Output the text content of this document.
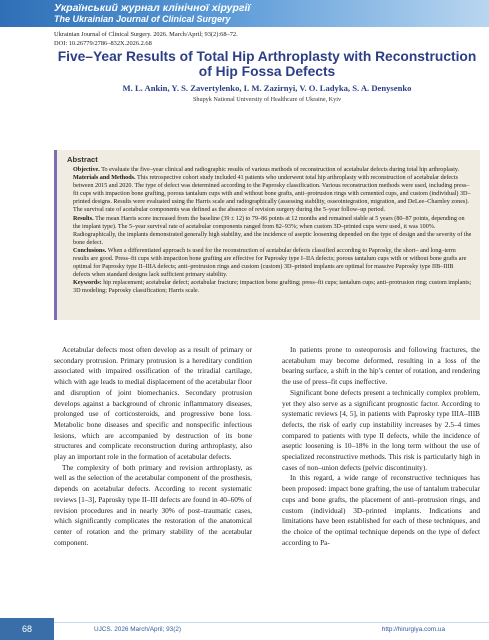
Український журнал клінічної хірургії
The Ukrainian Journal of Clinical Surgery
Ukrainian Journal of Clinical Surgery. 2026. March/April; 93(2):68–72.
DOI: 10.26779/2786–832X.2026.2.68
Five–Year Results of Total Hip Arthroplasty with Reconstruction of Hip Fossa Defects
M. L. Ankin, Y. S. Zavertylenko, I. M. Zazirnyi, V. O. Ladyka, S. A. Denysenko
Shupyk National University of Healthcare of Ukraine, Kyiv
Abstract

Objective. To evaluate the five–year clinical and radiographic results of various methods of reconstruction of acetabular defects during total hip arthroplasty.

Materials and Methods. This retrospective cohort study included 41 patients who underwent total hip arthroplasty with reconstruction of acetabular defects between 2015 and 2020. The type of defect was determined according to the Paprosky classification. Various reconstruction methods were used, including press–fit cups with impaction bone grafting, porous tantalum cups with and without bone grafts, anti–protrusion rings with cemented cups, and custom (individual) 3D–printed designs. Results were evaluated using the Harris scale and radiographically (assessing stability, osseointegration, migration, and DeLee–Charnley zones). The survival rate of acetabular components was defined as the absence of revision surgery during the 5–year follow–up period.

Results. The mean Harris score increased from the baseline (39 ± 12) to 79–86 points at 12 months and remained stable at 5 years (80–87 points, depending on the implant type). The 5–year survival rate of acetabular components ranged from 82–93%; when custom 3D–printed cups were used, it was 100%. Radiographically, the implants demonstrated generally high stability, and the incidence of aseptic loosening depended on the type of design and the severity of the bone defect.

Conclusions. When a differentiated approach is used for the reconstruction of acetabular defects classified according to Paprosky, the short– and long–term results are good. Press–fit cups with impaction bone grafting are effective for Paprosky type I–IIA defects; porous tantalum cups with or without bone grafts are optimal for Paprosky type II–IIIA defects; anti–protrusion rings and custom (custom) 3D–printed implants are optimal for massive Paprosky type IIB–IIIB defects when standard designs lack sufficient primary stability.

Keywords: hip replacement; acetabular defect; acetabular fracture; impaction bone grafting; press–fit cups; tantalum cups; anti–protrusion ring; custom implants; 3D modeling; Paprosky classification; Harris scale.

Acetabular defects most often develop as a result of primary or secondary protrusion. Primary protrusion is a hereditary condition associated with impaired ossification of the triradial cartilage, which with age leads to medial displacement of the acetabular floor and disruption of joint biomechanics. Secondary protrusion develops against a background of chronic inflammatory diseases, prolonged use of corticosteroids, and progressive bone loss. Metabolic bone diseases and specific and nonspecific infectious lesions, which are accompanied by destruction of its bone structures and complicate reconstruction during arthroplasty, also play an important role in the formation of acetabular defects.

The complexity of both primary and revision arthroplasty, as well as the selection of the acetabular component of the prosthesis, depends on acetabular defects. According to recent systematic reviews [1–3], Paprosky type II–III defects are found in 40–60% of revision procedures and in nearly 30% of post–traumatic cases, which significantly complicates the restoration of the anatomical center of rotation and the primary stability of the acetabular component.

In patients prone to osteoporosis and following fractures, the acetabulum may become deformed, resulting in a loss of the bearing surface, a shift in the hip’s center of rotation, and rendering the use of press–fit cups ineffective.

Significant bone defects present a technically complex problem, yet they also serve as a significant prognostic factor. According to systematic reviews [4, 5], in patients with Paprosky type IIIA–IIIB defects, the risk of early cup instability increases by 2.5–4 times compared to patients with type II defects, while the incidence of aseptic loosening is 10–18% in the long term without the use of specialized reconstructive methods. This risk is particularly high in cases of non–union defects (pelvic discontinuity).

In this regard, a wide range of reconstructive techniques has been proposed: impact bone grafting, the use of tantalum trabecular cups and bone grafts, the placement of anti–protrusion rings, and custom (individual) 3D–printed implants. Indications and limitations have been established for each of these techniques, and the choice of the optimal technique depends on the type of defect according to Pa-

68	UJCS. 2026 March/April; 93(2)	http://hirurgiya.com.ua
